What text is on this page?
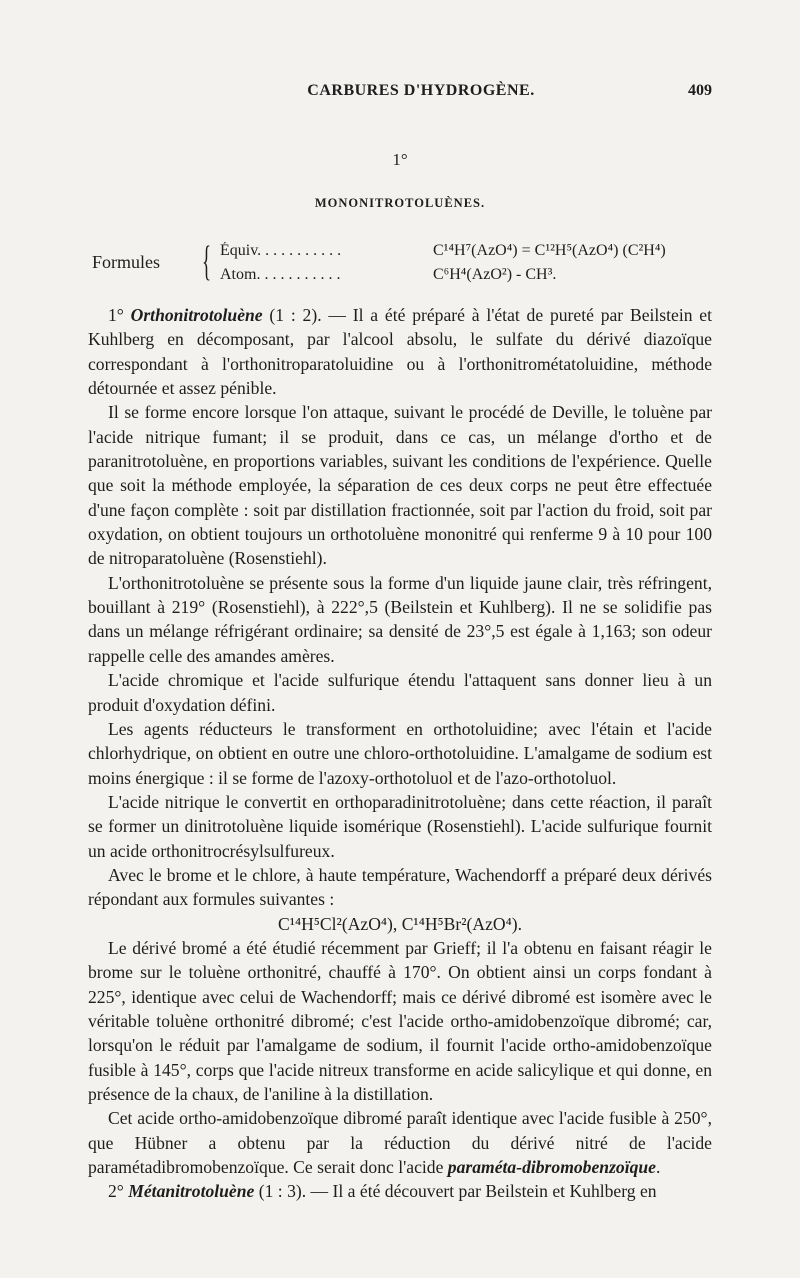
CARBURES D'HYDROGÈNE.	409
1°
MONONITROTOLUÈNES.
Formules { Équiv. . . . . . . . . . .	C¹⁴H⁷(AzO⁴) = C¹²H⁵(AzO⁴) (C²H⁴)
Atom. . . . . . . . . . .	C⁶H⁴(AzO²) - CH³.

1° Orthonitrotoluène (1 : 2). — Il a été préparé à l'état de pureté par Beilstein et Kuhlberg en décomposant, par l'alcool absolu, le sulfate du dérivé diazoïque correspondant à l'orthonitroparatoluidine ou à l'orthonitrométatoluidine, méthode détournée et assez pénible.

Il se forme encore lorsque l'on attaque, suivant le procédé de Deville, le toluène par l'acide nitrique fumant; il se produit, dans ce cas, un mélange d'ortho et de paranitrotoluène, en proportions variables, suivant les conditions de l'expérience. Quelle que soit la méthode employée, la séparation de ces deux corps ne peut être effectuée d'une façon complète : soit par distillation fractionnée, soit par l'action du froid, soit par oxydation, on obtient toujours un orthotoluène mononitré qui renferme 9 à 10 pour 100 de nitroparatoluène (Rosenstiehl).

L'orthonitrotoluène se présente sous la forme d'un liquide jaune clair, très réfringent, bouillant à 219° (Rosenstiehl), à 222°,5 (Beilstein et Kuhlberg). Il ne se solidifie pas dans un mélange réfrigérant ordinaire; sa densité de 23°,5 est égale à 1,163; son odeur rappelle celle des amandes amères.

L'acide chromique et l'acide sulfurique étendu l'attaquent sans donner lieu à un produit d'oxydation défini.

Les agents réducteurs le transforment en orthotoluidine; avec l'étain et l'acide chlorhydrique, on obtient en outre une chloro-orthotoluidine. L'amalgame de sodium est moins énergique : il se forme de l'azoxy-orthotoluol et de l'azo-orthotoluol.

L'acide nitrique le convertit en orthoparadinitrotoluène; dans cette réaction, il paraît se former un dinitrotoluène liquide isomérique (Rosenstiehl). L'acide sulfurique fournit un acide orthonitrocrésylsulfureux.

Avec le brome et le chlore, à haute température, Wachendorff a préparé deux dérivés répondant aux formules suivantes :

C¹⁴H⁵Cl²(AzO⁴), C¹⁴H⁵Br²(AzO⁴).

Le dérivé bromé a été étudié récemment par Grieff; il l'a obtenu en faisant réagir le brome sur le toluène orthonitré, chauffé à 170°. On obtient ainsi un corps fondant à 225°, identique avec celui de Wachendorff; mais ce dérivé dibromé est isomère avec le véritable toluène orthonitré dibromé; c'est l'acide ortho-amidobenzoïque dibromé; car, lorsqu'on le réduit par l'amalgame de sodium, il fournit l'acide ortho-amidobenzoïque fusible à 145°, corps que l'acide nitreux transforme en acide salicylique et qui donne, en présence de la chaux, de l'aniline à la distillation.

Cet acide ortho-amidobenzoïque dibromé paraît identique avec l'acide fusible à 250°, que Hübner a obtenu par la réduction du dérivé nitré de l'acide paramétadibromobenzoïque. Ce serait donc l'acide paraméta-dibromobenzoïque.

2° Métanitrotoluène (1 : 3). — Il a été découvert par Beilstein et Kuhlberg en
